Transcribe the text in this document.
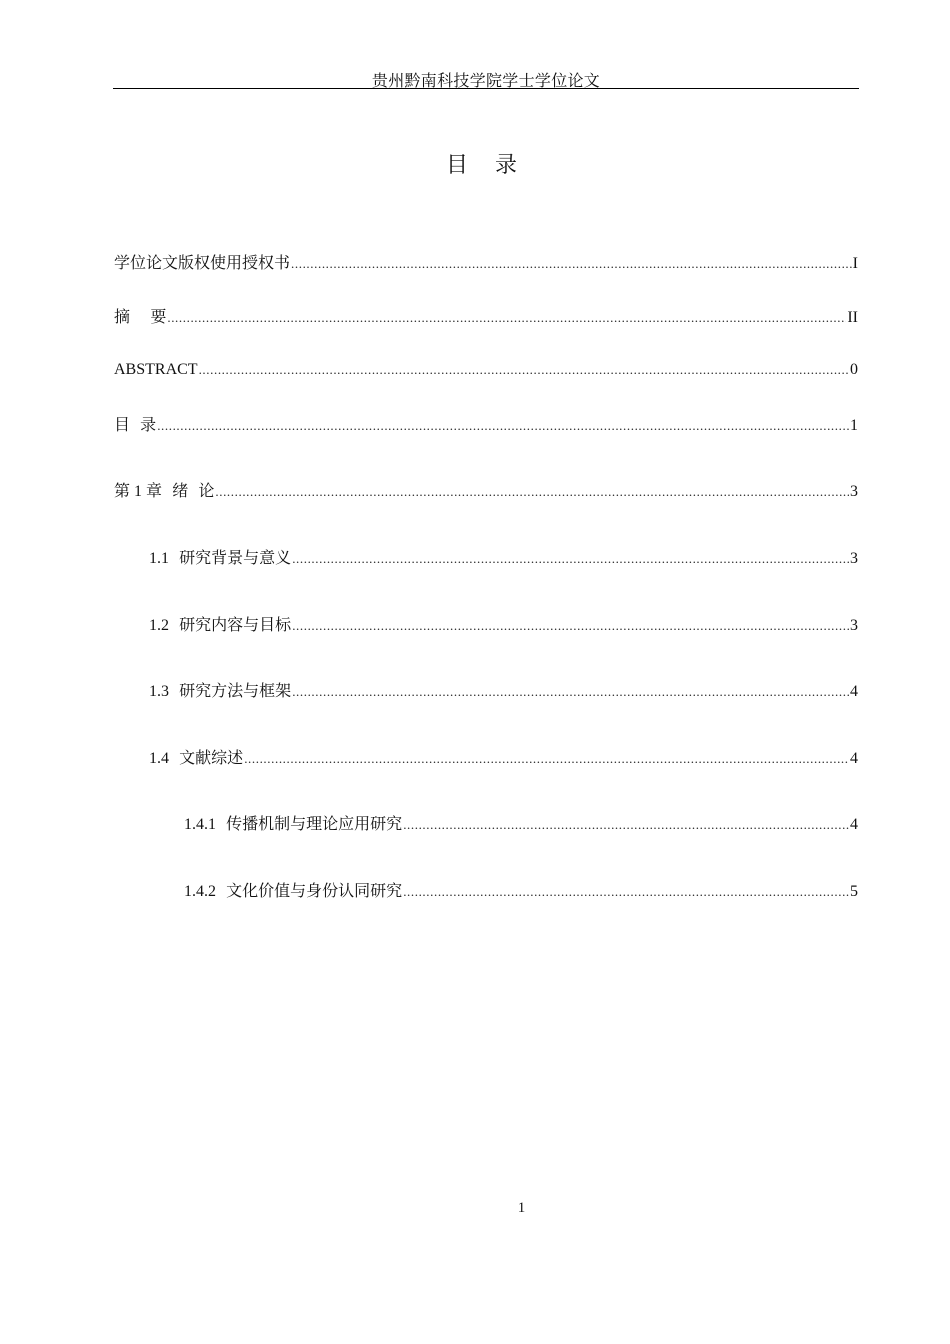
贵州黔南科技学院学士学位论文
目 录
学位论文版权使用授权书 .....	I
摘    要 .....	II
ABSTRACT .....	0
目  录 .....	1
第 1 章 绪  论 .....	3
1.1 研究背景与意义 .....	3
1.2 研究内容与目标 .....	3
1.3 研究方法与框架 .....	4
1.4 文献综述 .....	4
1.4.1 传播机制与理论应用研究 .....	4
1.4.2 文化价值与身份认同研究 .....	5
1
